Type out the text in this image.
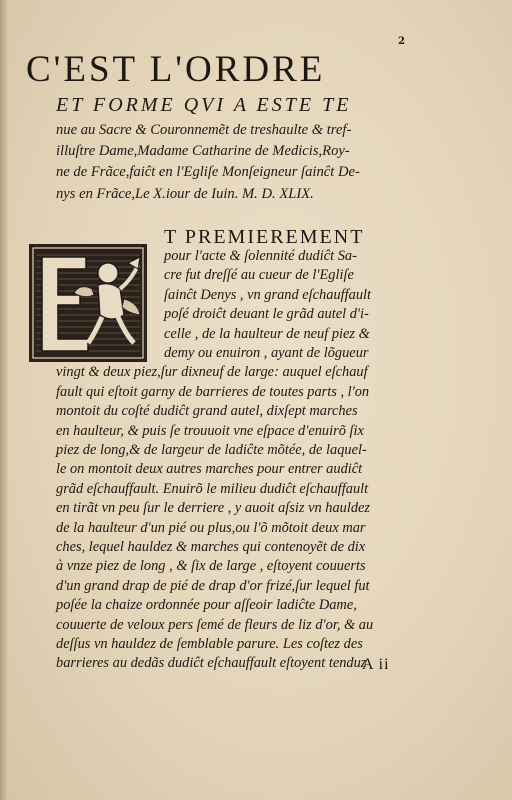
2
C'EST L'ORDRE
ET FORME QVI A ESTE TE
nue au Sacre & Couronnemẽt de treshaulte & tref-
illuſtre Dame,Madame Catharine de Medicis,Roy-
ne de Frãce,faiĉt en l'Egliſe Monſeigneur ſainĉt De-
nys en Frãce,Le X.iour de Iuin. M. D. XLIX.
T PREMIEREMENT
pour l'acte & ſolennité dudiĉt Sa-
cre fut dreſſé au cueur de l'Egliſe
ſainĉt Denys , vn grand eſchauffault
poſé droiĉt deuant le grãd autel d'i-
celle , de la haulteur de neuf piez &
demy ou enuiron , ayant de lõgueur
vingt & deux piez,ſur dixneuf de large: auquel eſchauf
fault qui eſtoit garny de barrieres de toutes parts , l'on
montoit du coſté dudiĉt grand autel, dixſept marches
en haulteur, & puis ſe trouuoit vne eſpace d'enuirõ ſix
piez de long,& de largeur de ladiĉte mõtée, de laquel-
le on montoit deux autres marches pour entrer audiĉt
grãd eſchauffault. Enuirõ le milieu dudiĉt eſchauffault
en tirãt vn peu ſur le derriere , y auoit aſsiz vn hauldez
de la haulteur d'un pié ou plus,ou l'õ mõtoit deux mar
ches, lequel hauldez & marches qui contenoyẽt de dix
à vnze piez de long , & ſix de large , eſtoyent couuerts
d'un grand drap de pié de drap d'or frizé,ſur lequel fut
poſée la chaize ordonnée pour aſſeoir ladiĉte Dame,
couuerte de veloux pers ſemé de fleurs de liz d'or, & au
deſſus vn hauldez de ſemblable parure. Les coſtez des
barrieres au dedãs dudiĉt eſchauffault eſtoyent tenduz
A ii
